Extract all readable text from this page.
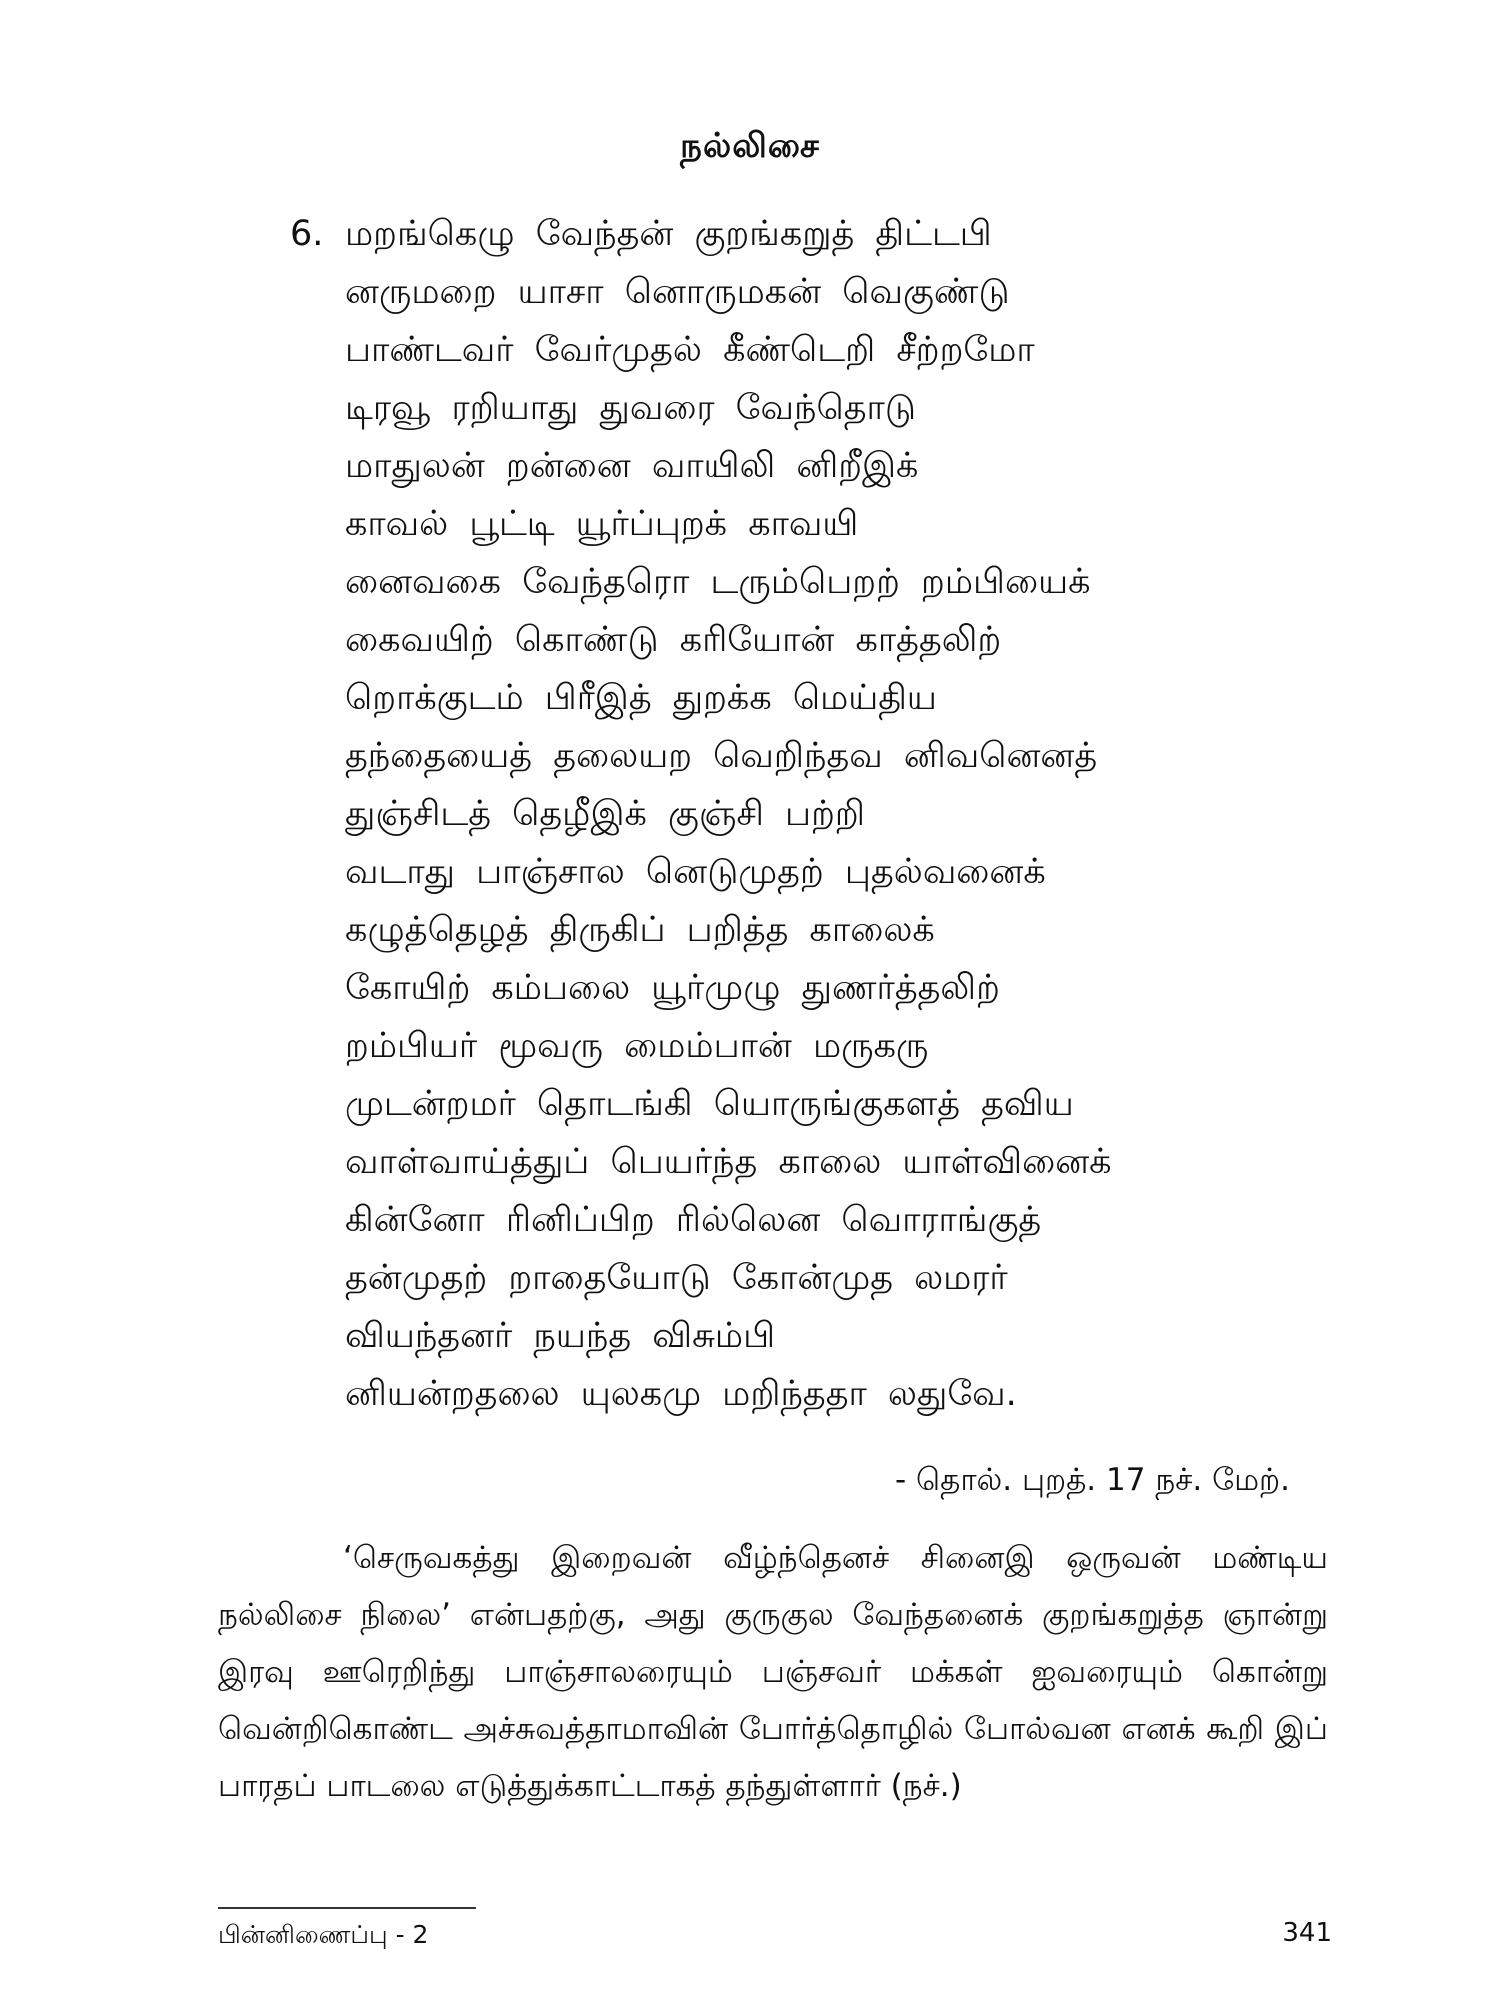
நல்லிசை
6. மறங்கெழு வேந்தன் குறங்கறுத் திட்டபி
னருமறை யாசா னொருமகன் வெகுண்டு
பாண்டவர் வேர்முதல் கீண்டெறி சீற்றமோ
டிரவூ ரறியாது துவரை வேந்தொடு
மாதுலன் றன்னை வாயிலி னிறீஇக்
காவல் பூட்டி யூர்ப்புறக் காவயி
னைவகை வேந்தரொ டரும்பெறற் றம்பியைக்
கைவயிற் கொண்டு கரியோன் காத்தலிற்
றொக்குடம் பிரீஇத் துறக்க மெய்திய
தந்தையைத் தலையற வெறிந்தவ னிவனெனத்
துஞ்சிடத் தெழீஇக் குஞ்சி பற்றி
வடாது பாஞ்சால னெடுமுதற் புதல்வனைக்
கழுத்தெழத் திருகிப் பறித்த காலைக்
கோயிற் கம்பலை யூர்முழு துணர்த்தலிற்
றம்பியர் மூவரு மைம்பான் மருகரு
முடன்றமர் தொடங்கி யொருங்குகளத் தவிய
வாள்வாய்த்துப் பெயர்ந்த காலை யாள்வினைக்
கின்னோ ரினிப்பிற ரில்லென வொராங்குத்
தன்முதற் றாதையோடு கோன்முத லமரர்
வியந்தனர் நயந்த விசும்பி
னியன்றதலை யுலகமு மறிந்ததா லதுவே.
- தொல். புறத். 17 நச். மேற்.

‘செருவகத்து இறைவன் வீழ்ந்தெனச் சினைஇ ஒருவன் மண்டிய நல்லிசை நிலை’ என்பதற்கு, அது குருகுல வேந்தனைக் குறங்கறுத்த ஞான்று இரவு ஊரெறிந்து பாஞ்சாலரையும் பஞ்சவர் மக்கள் ஐவரையும் கொன்று வென்றிகொண்ட அச்சுவத்தாமாவின் போர்த்தொழில் போல்வன எனக் கூறி இப் பாரதப் பாடலை எடுத்துக்காட்டாகத் தந்துள்ளார் (நச்.)

பின்னிணைப்பு - 2	341
